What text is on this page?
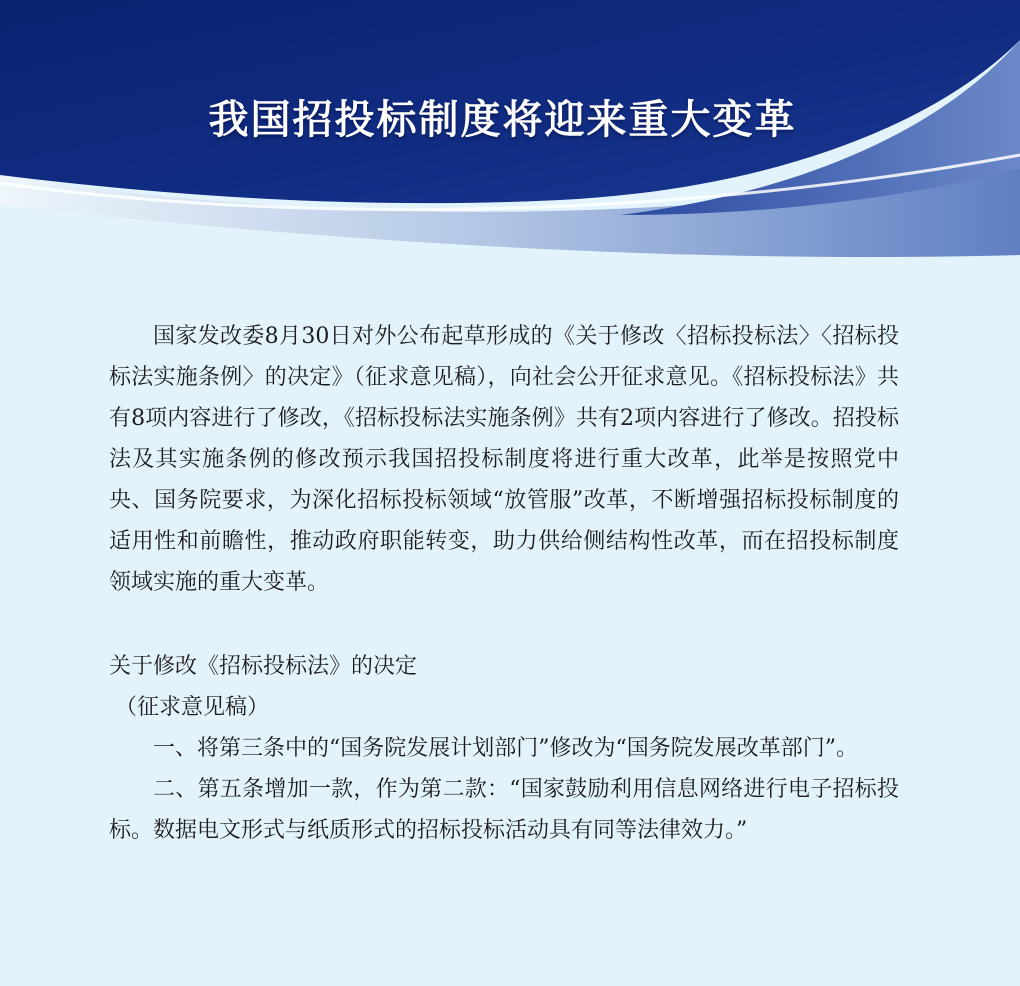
我国招投标制度将迎来重大变革

国家发改委8月30日对外公布起草形成的《关于修改〈招标投标法〉〈招标投标法实施条例〉的决定》（征求意见稿），向社会公开征求意见。《招标投标法》共有8项内容进行了修改，《招标投标法实施条例》共有2项内容进行了修改。招投标法及其实施条例的修改预示我国招投标制度将进行重大改革，此举是按照党中央、国务院要求，为深化招标投标领域“放管服”改革，不断增强招标投标制度的适用性和前瞻性，推动政府职能转变，助力供给侧结构性改革，而在招投标制度领域实施的重大变革。

关于修改《招标投标法》的决定

（征求意见稿）

一、将第三条中的“国务院发展计划部门”修改为“国务院发展改革部门”。

二、第五条增加一款，作为第二款：“国家鼓励利用信息网络进行电子招标投标。数据电文形式与纸质形式的招标投标活动具有同等法律效力。”
